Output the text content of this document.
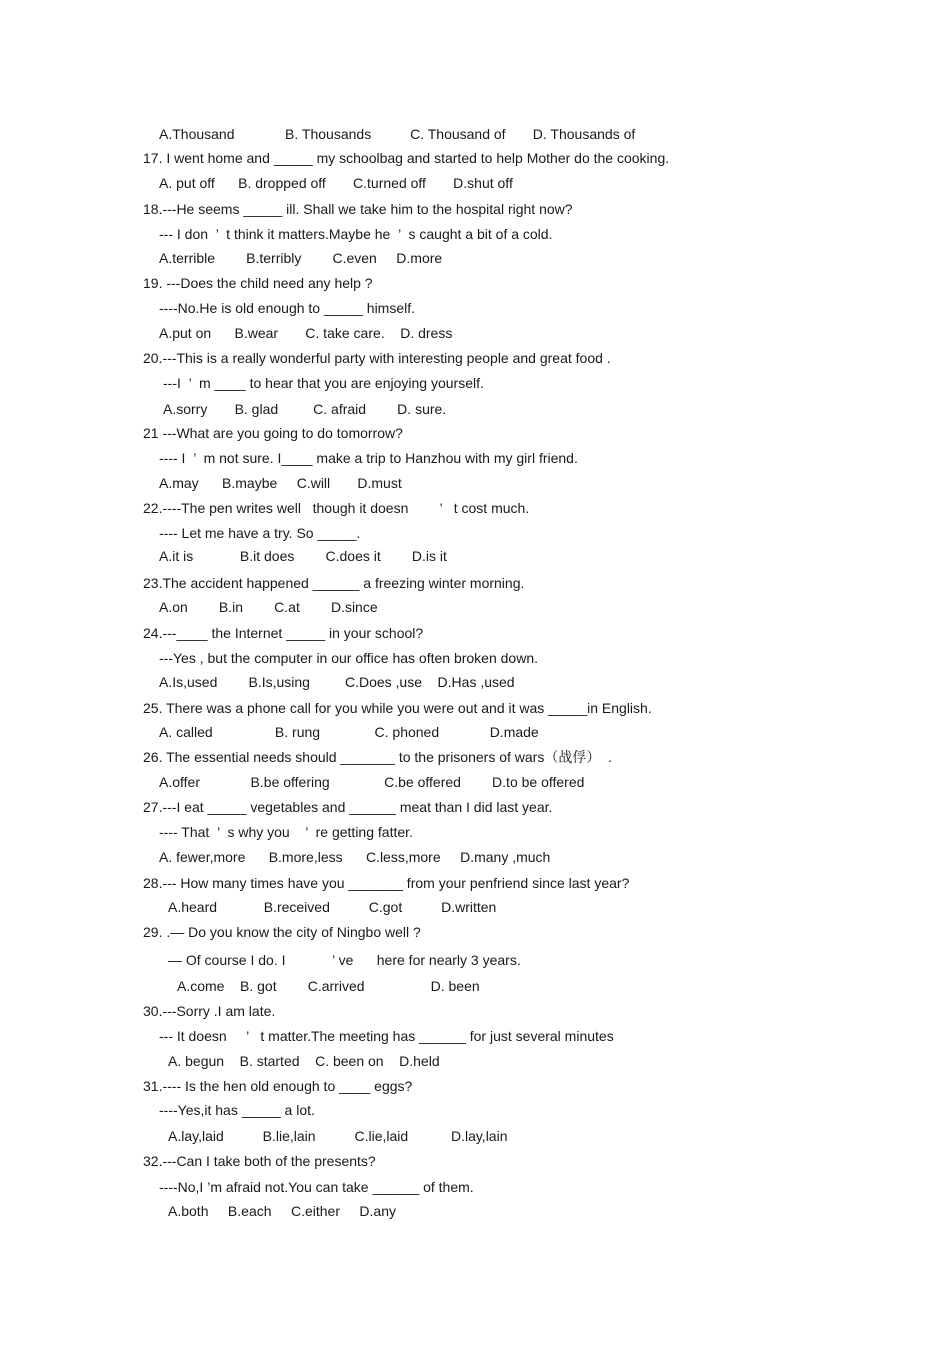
A.Thousand             B. Thousands          C. Thousand of       D. Thousands of
17. I went home and _____ my schoolbag and started to help Mother do the cooking.
A. put off      B. dropped off       C.turned off       D.shut off
18.---He seems _____ ill. Shall we take him to the hospital right now?
--- I don  ’  t think it matters.Maybe he  ’  s caught a bit of a cold.
A.terrible        B.terribly        C.even     D.more
19. ---Does the child need any help ?
----No.He is old enough to _____ himself.
A.put on      B.wear       C. take care.    D. dress
20.---This is a really wonderful party with interesting people and great food .
---I  ’  m ____ to hear that you are enjoying yourself.
A.sorry       B. glad         C. afraid        D. sure.
21 ---What are you going to do tomorrow?
---- I  ’  m not sure. I____ make a trip to Hanzhou with my girl friend.
A.may      B.maybe     C.will       D.must
22.----The pen writes well   though it doesn        ’   t cost much.
---- Let me have a try. So _____.
A.it is            B.it does        C.does it        D.is it
23.The accident happened ______ a freezing winter morning.
A.on        B.in        C.at        D.since
24.---____ the Internet _____ in your school?
---Yes , but the computer in our office has often broken down.
A.Is,used        B.Is,using         C.Does ,use    D.Has ,used
25. There was a phone call for you while you were out and it was _____in English.
A. called                B. rung              C. phoned             D.made
26. The essential needs should _______ to the prisoners of wars（战俘）  .
A.offer             B.be offering              C.be offered        D.to be offered
27.---I eat _____ vegetables and ______ meat than I did last year.
---- That  ’  s why you    ’  re getting fatter.
A. fewer,more      B.more,less      C.less,more     D.many ,much
28.--- How many times have you _______ from your penfriend since last year?
A.heard            B.received          C.got          D.written
29. .— Do you know the city of Ningbo well ?
— Of course I do. I            ’ ve      here for nearly 3 years.
A.come    B. got        C.arrived                 D. been
30.---Sorry .I am late.
--- It doesn     ’   t matter.The meeting has ______ for just several minutes
A. begun    B. started    C. been on    D.held
31.---- Is the hen old enough to ____ eggs?
----Yes,it has _____ a lot.
A.lay,laid          B.lie,lain          C.lie,laid           D.lay,lain
32.---Can I take both of the presents?
----No,I ’m afraid not.You can take ______ of them.
A.both     B.each     C.either     D.any
